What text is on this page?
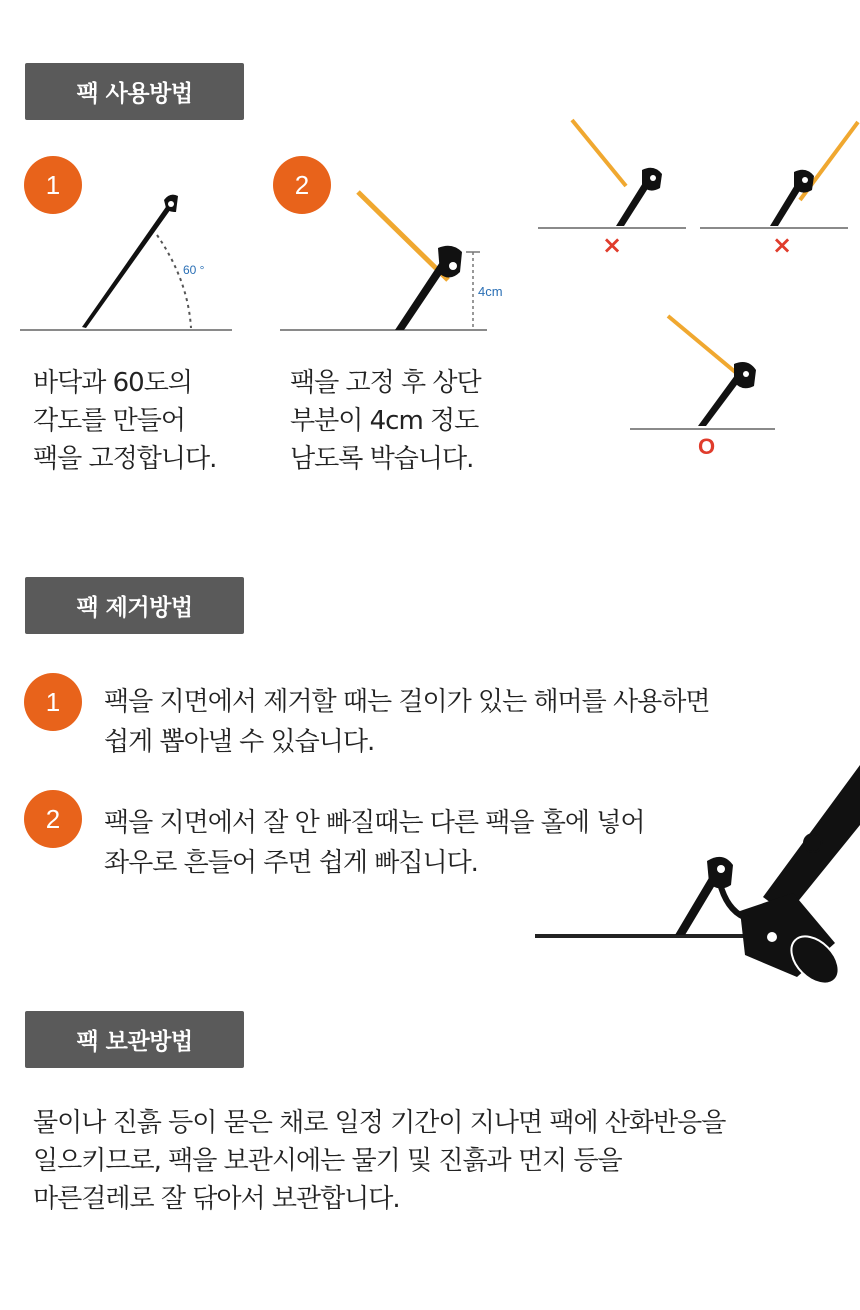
팩 사용방법
1
60 °
바닥과 60도의
각도를 만들어
팩을 고정합니다.
2
4cm
팩을 고정 후 상단
부분이 4cm 정도
남도록 박습니다.
×	×
O
팩 제거방법
1	팩을 지면에서 제거할 때는 걸이가 있는 해머를 사용하면
쉽게 뽑아낼 수 있습니다.
2	팩을 지면에서 잘 안 빠질때는 다른 팩을 홀에 넣어
좌우로 흔들어 주면 쉽게 빠집니다.
팩 보관방법
물이나 진흙 등이 묻은 채로 일정 기간이 지나면 팩에 산화반응을
일으키므로, 팩을 보관시에는 물기 및 진흙과 먼지 등을
마른걸레로 잘 닦아서 보관합니다.
